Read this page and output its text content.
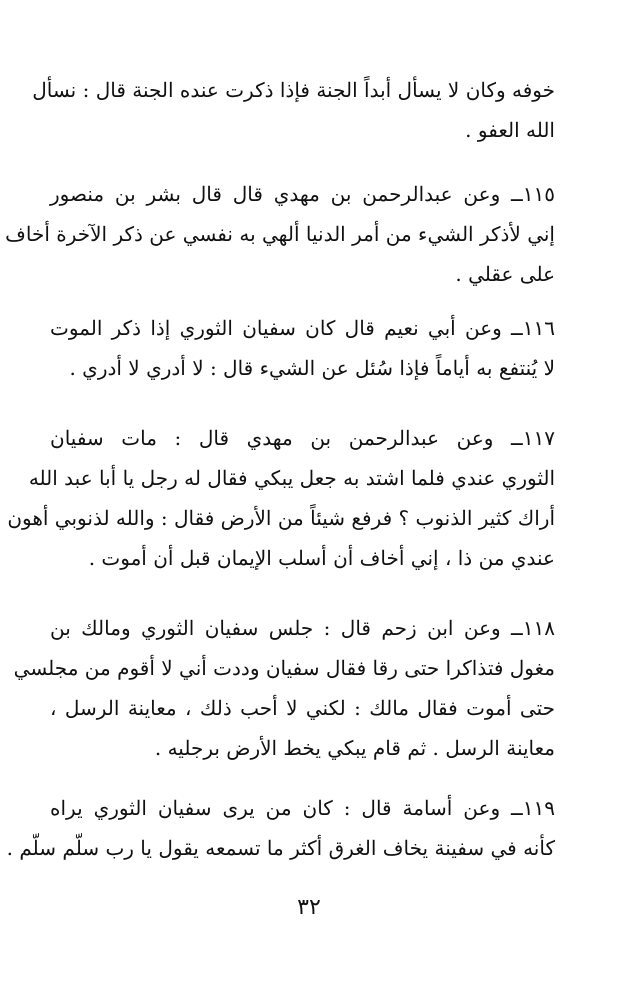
خوفه وكان لا يسأل أبداً الجنة فإذا ذكرت عنده الجنة قال : نسأل
الله العفو .
١١٥ــ وعن عبدالرحمن بن مهدي قال قال بشر بن منصور
إني لأذكر الشيء من أمر الدنيا ألهي به نفسي عن ذكر الآخرة أخاف
على عقلي .
١١٦ــ وعن أبي نعيم قال كان سفيان الثوري إذا ذكر الموت
لا يُنتفع به أياماً فإذا سُئل عن الشيء قال : لا أدري لا أدري .
١١٧ــ وعن عبدالرحمن بن مهدي قال : مات سفيان
الثوري عندي فلما اشتد به جعل يبكي فقال له رجل يا أبا عبد الله
أراك كثير الذنوب ؟ فرفع شيئاً من الأرض فقال : والله لذنوبي أهون
عندي من ذا ، إني أخاف أن أسلب الإيمان قبل أن أموت .
١١٨ــ وعن ابن زحم قال : جلس سفيان الثوري ومالك بن
مغول فتذاكرا حتى رقا فقال سفيان وددت أني لا أقوم من مجلسي
حتى أموت فقال مالك : لكني لا أحب ذلك ، معاينة الرسل ،
معاينة الرسل . ثم قام يبكي يخط الأرض برجليه .
١١٩ــ وعن أسامة قال : كان من يرى سفيان الثوري يراه
كأنه في سفينة يخاف الغرق أكثر ما تسمعه يقول يا رب سلّم سلّم .
٣٢
